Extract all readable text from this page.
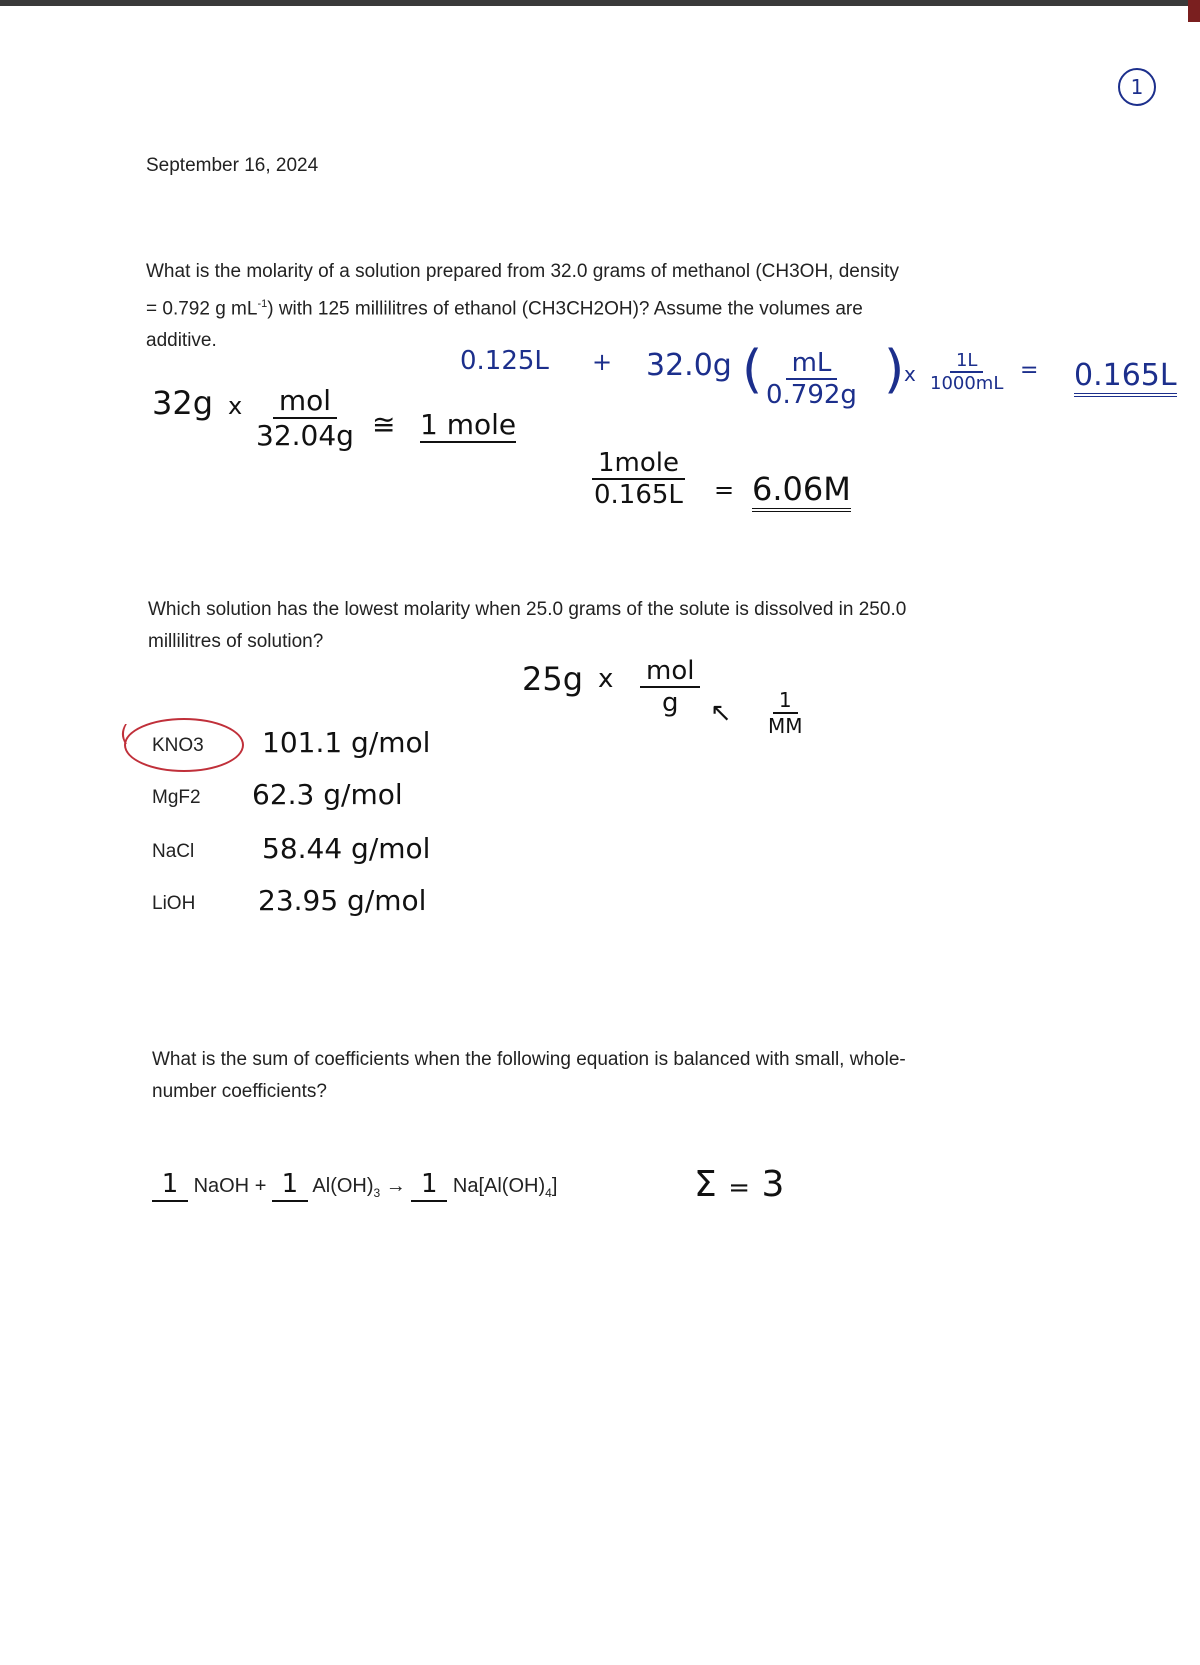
1
September 16, 2024
What is the molarity of a solution prepared from 32.0 grams of methanol (CH3OH, density
= 0.792 g $mL^{-1}$) with 125 millilitres of ethanol (CH3CH2OH)? Assume the volumes are
additive.
32g x mol
32.04g ≅ 1 mole
0.125L + 32.0g (
$\frac{mL}{0.792g}$ ) x $\frac{1L}{1000mL} = 0.165L$
1mole
0.165L = 6.06M
Which solution has the lowest molarity when 25.0 grams of the solute is dissolved in 250.0
millilitres of solution?
25g x mol
g ↖ $\frac{1}{MM}$
( KNO3 101.1 g/mol
MgF2 62.3 g/mol
NaCl 58.44 g/mol
LiOH 23.95 g/mol
What is the sum of coefficients when the following equation is balanced with small, whole-
number coefficients?
1 NaOH + 1 $Al(OH)_3 \to 1$ $Na[Al(OH)_4]$	Σ = 3
